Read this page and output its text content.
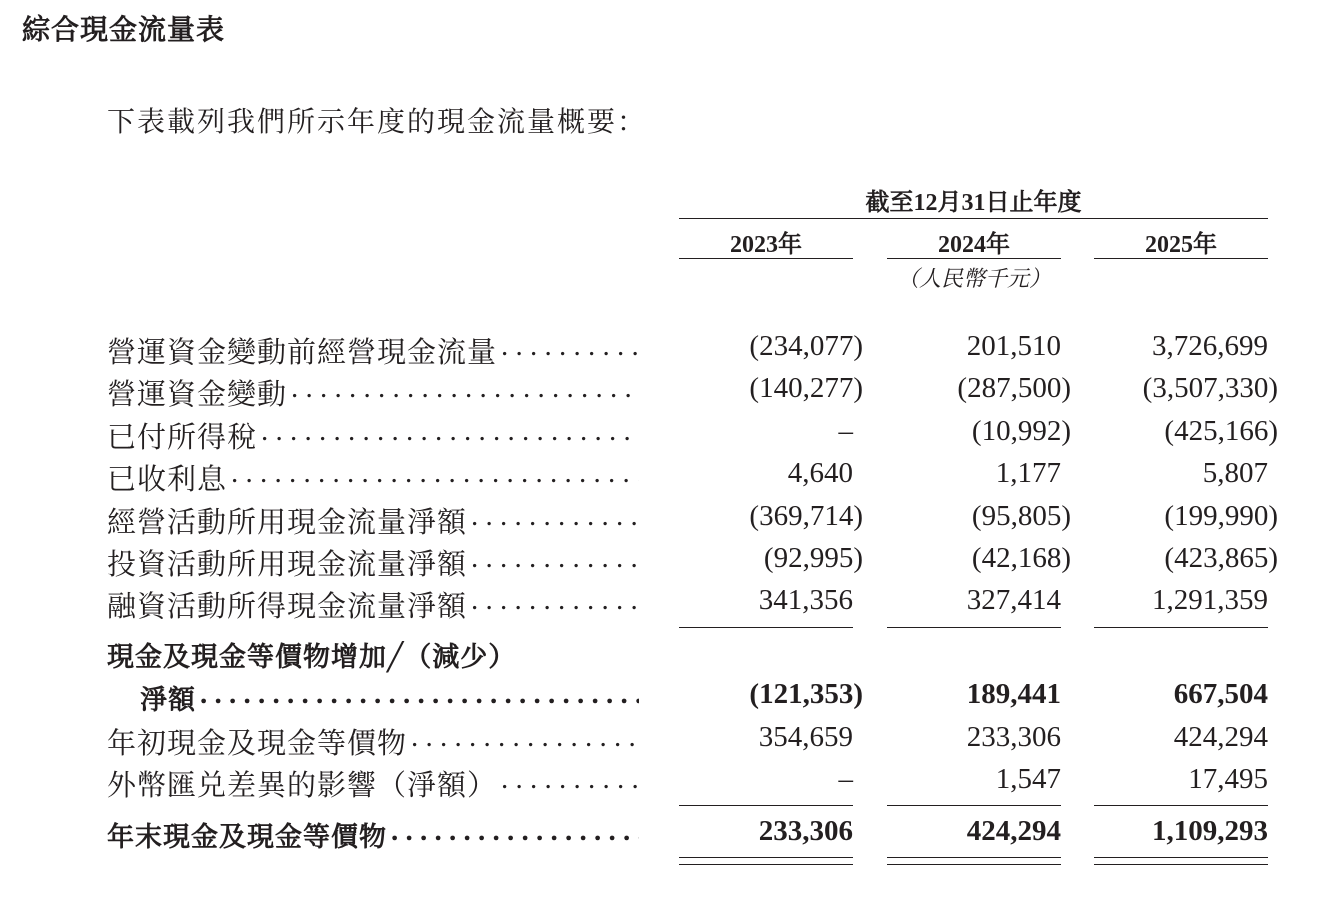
綜合現金流量表
下表載列我們所示年度的現金流量概要：
截至12月31日止年度
2023年	2024年	2025年
（人民幣千元）
營運資金變動前經營現金流量 . . .	(234,077)	201,510	3,726,699
營運資金變動 . . .	(140,277)	(287,500)	(3,507,330)
已付所得稅 . . .	–	(10,992)	(425,166)
已收利息 . . .	4,640	1,177	5,807
經營活動所用現金流量淨額 . . .	(369,714)	(95,805)	(199,990)
投資活動所用現金流量淨額 . . .	(92,995)	(42,168)	(423,865)
融資活動所得現金流量淨額 . . .	341,356	327,414	1,291,359
現金及現金等價物增加╱（減少）
淨額 . . .	(121,353)	189,441	667,504
年初現金及現金等價物 . . .	354,659	233,306	424,294
外幣匯兑差異的影響（淨額） . . .	–	1,547	17,495
年末現金及現金等價物 . . .	233,306	424,294	1,109,293
